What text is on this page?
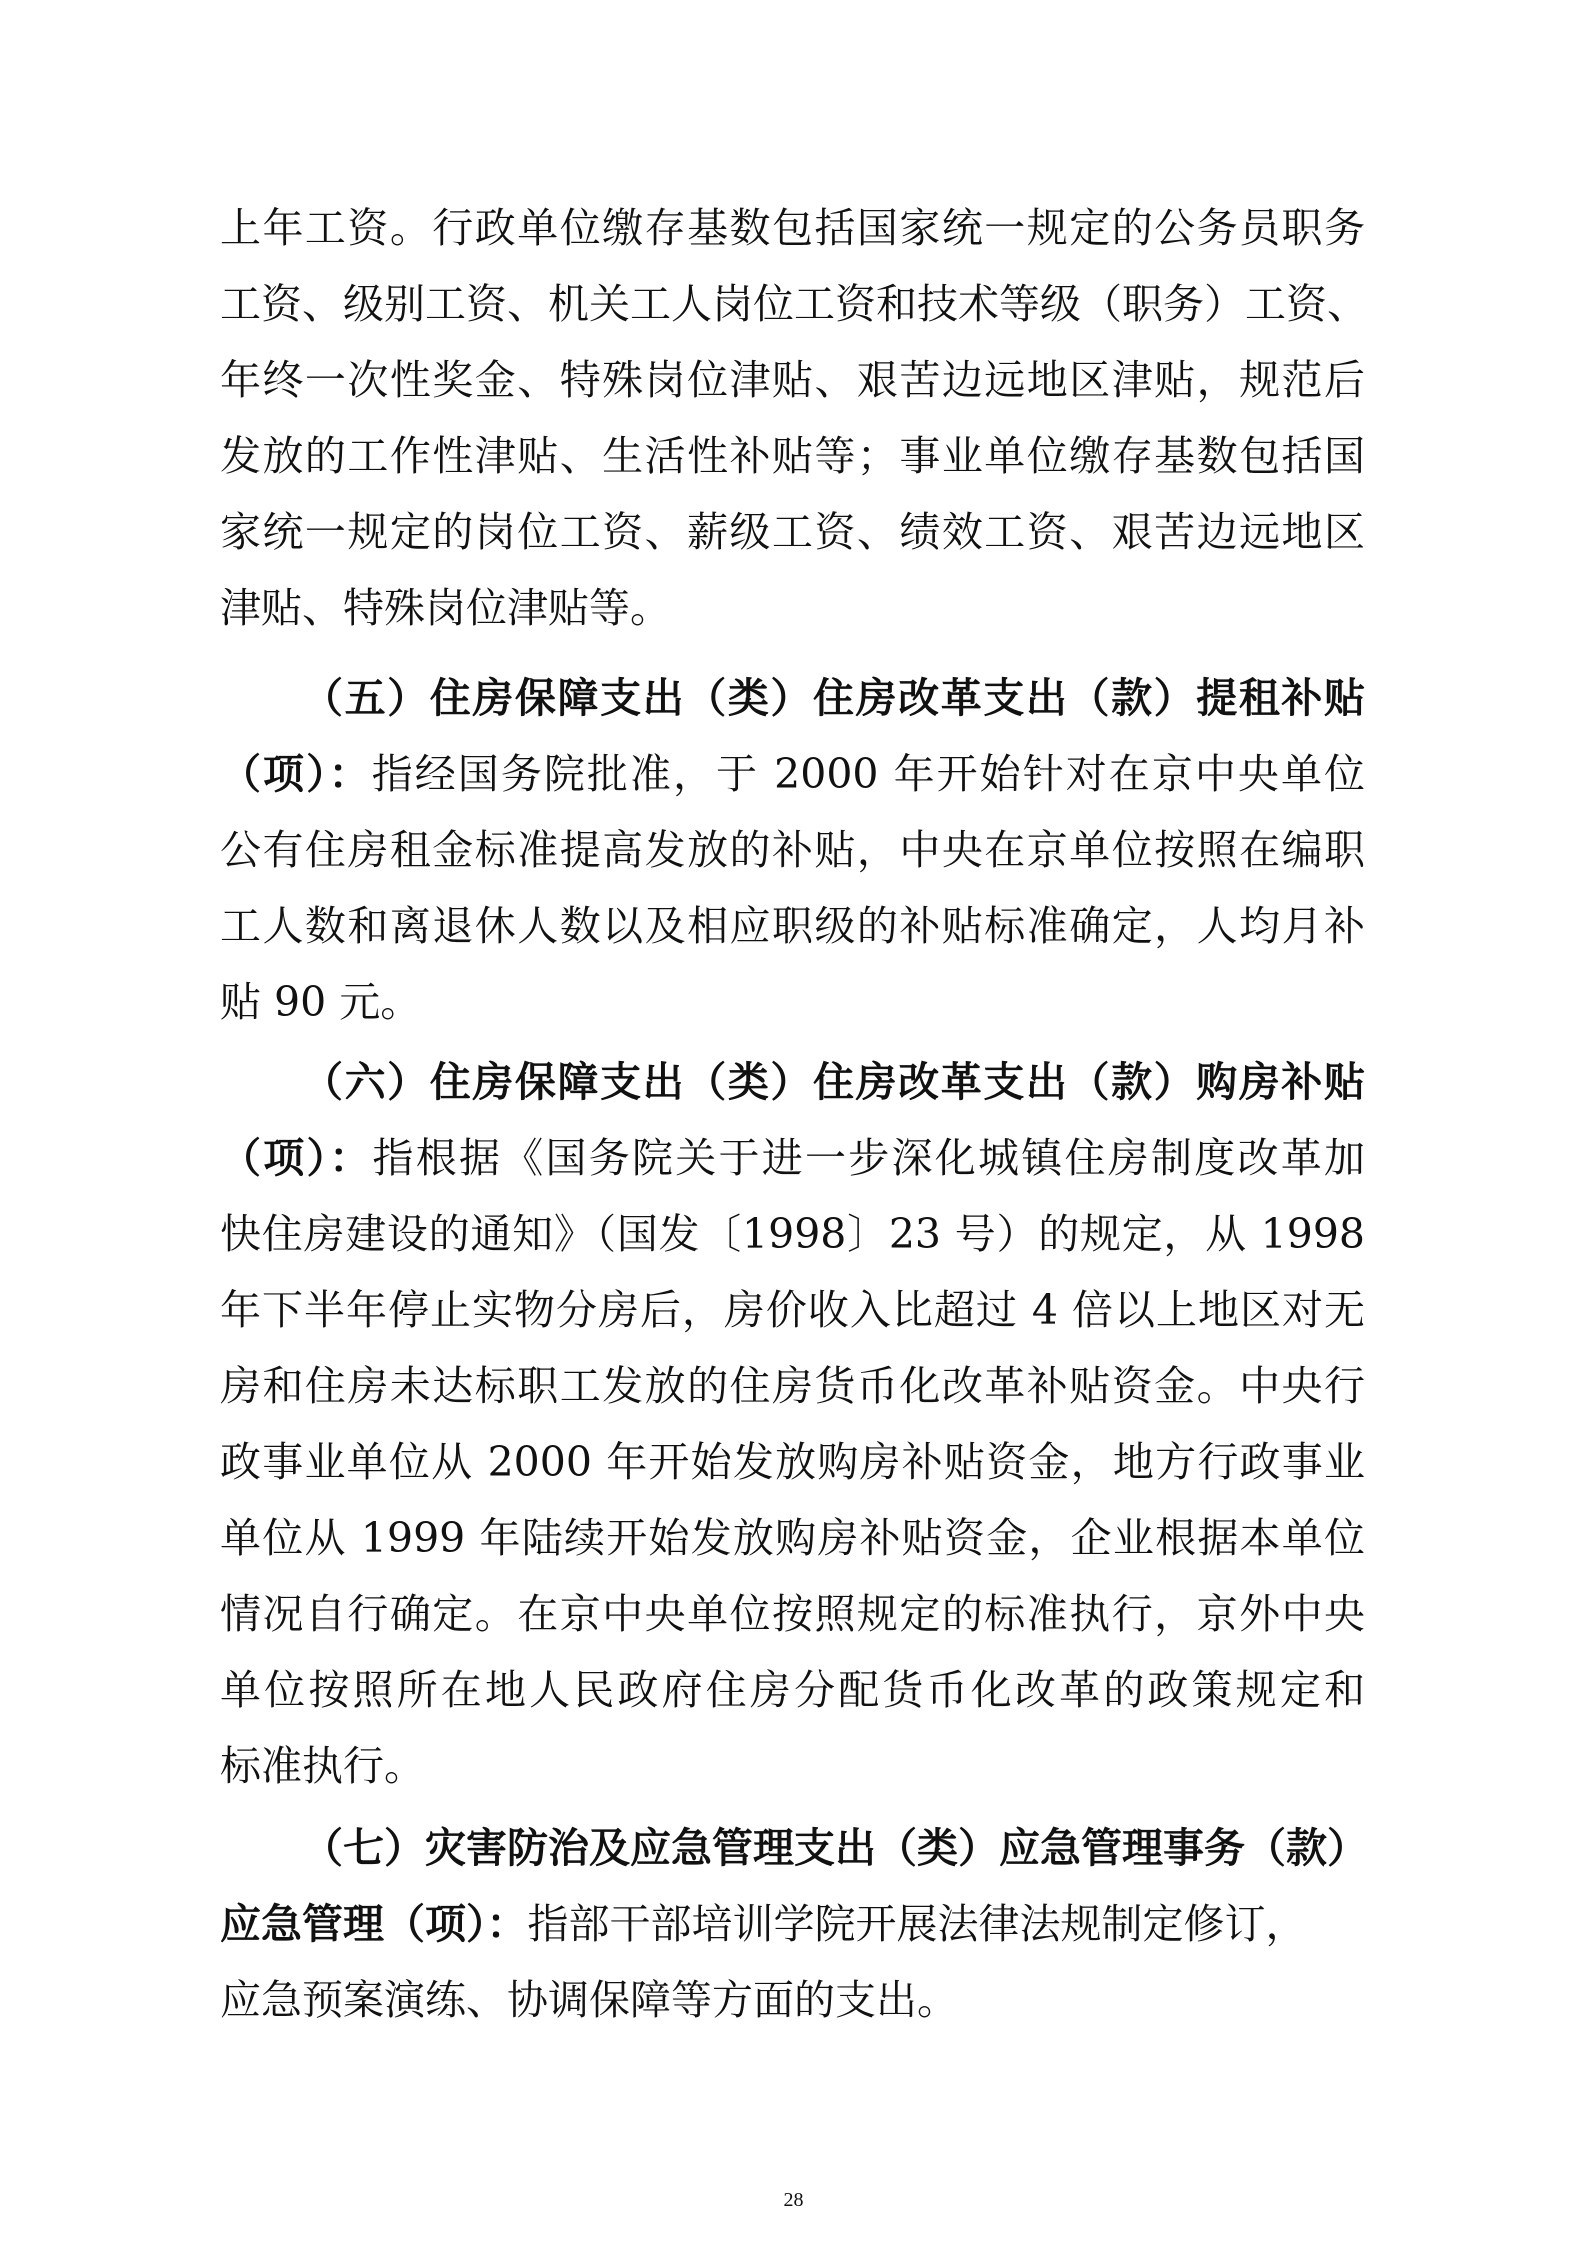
上年工资。行政单位缴存基数包括国家统一规定的公务员职务
工资、级别工资、机关工人岗位工资和技术等级（职务）工资、
年终一次性奖金、特殊岗位津贴、艰苦边远地区津贴，规范后
发放的工作性津贴、生活性补贴等；事业单位缴存基数包括国
家统一规定的岗位工资、薪级工资、绩效工资、艰苦边远地区
津贴、特殊岗位津贴等。
（五）住房保障支出（类）住房改革支出（款）提租补贴
（项）：指经国务院批准，于 2000 年开始针对在京中央单位
公有住房租金标准提高发放的补贴，中央在京单位按照在编职
工人数和离退休人数以及相应职级的补贴标准确定，人均月补
贴 90 元。
（六）住房保障支出（类）住房改革支出（款）购房补贴
（项）：指根据《国务院关于进一步深化城镇住房制度改革加
快住房建设的通知》（国发〔1998〕23 号）的规定，从 1998
年下半年停止实物分房后，房价收入比超过 4 倍以上地区对无
房和住房未达标职工发放的住房货币化改革补贴资金。中央行
政事业单位从 2000 年开始发放购房补贴资金，地方行政事业
单位从 1999 年陆续开始发放购房补贴资金，企业根据本单位
情况自行确定。在京中央单位按照规定的标准执行，京外中央
单位按照所在地人民政府住房分配货币化改革的政策规定和
标准执行。
（七）灾害防治及应急管理支出（类）应急管理事务（款）
应急管理（项）：指部干部培训学院开展法律法规制定修订，
应急预案演练、协调保障等方面的支出。
28
